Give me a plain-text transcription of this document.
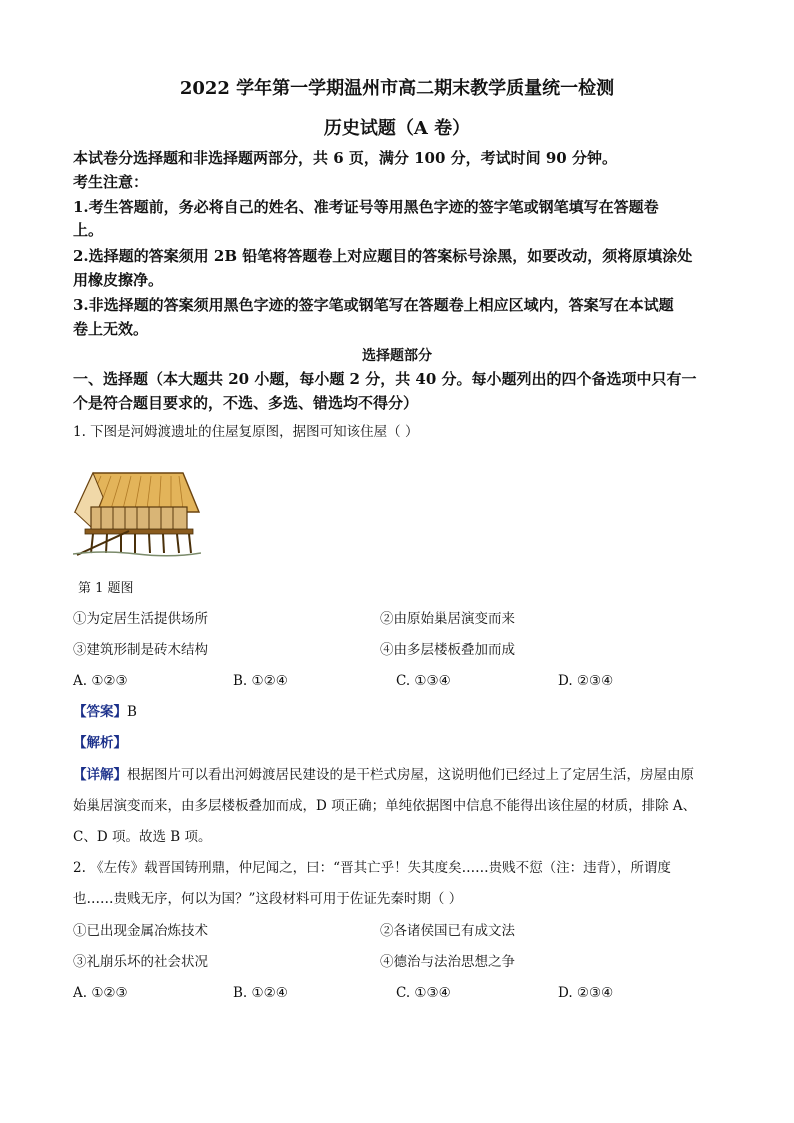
2022 学年第一学期温州市高二期末教学质量统一检测
历史试题（A 卷）
本试卷分选择题和非选择题两部分，共 6 页，满分 100 分，考试时间 90 分钟。
考生注意：
1.考生答题前，务必将自己的姓名、准考证号等用黑色字迹的签字笔或钢笔填写在答题卷
上。
2.选择题的答案须用 2B 铅笔将答题卷上对应题目的答案标号涂黑，如要改动，须将原填涂处
用橡皮擦净。
3.非选择题的答案须用黑色字迹的签字笔或钢笔写在答题卷上相应区域内，答案写在本试题
卷上无效。
选择题部分
一、选择题（本大题共 20 小题，每小题 2 分，共 40 分。每小题列出的四个备选项中只有一
个是符合题目要求的，不选、多选、错选均不得分）
1. 下图是河姆渡遗址的住屋复原图，据图可知该住屋（ ）
第 1 题图
①为定居生活提供场所	②由原始巢居演变而来
③建筑形制是砖木结构	④由多层楼板叠加而成
A. ①②③	B. ①②④	C. ①③④	D. ②③④
【答案】B
【解析】
【详解】根据图片可以看出河姆渡居民建设的是干栏式房屋，这说明他们已经过上了定居生活，房屋由原
始巢居演变而来，由多层楼板叠加而成，D 项正确；单纯依据图中信息不能得出该住屋的材质，排除 A、
C、D 项。故选 B 项。
2. 《左传》载晋国铸刑鼎，仲尼闻之，曰：“晋其亡乎！失其度矣……贵贱不愆（注：违背），所谓度
也……贵贱无序，何以为国？”这段材料可用于佐证先秦时期（ ）
①已出现金属冶炼技术	②各诸侯国已有成文法
③礼崩乐坏的社会状况	④德治与法治思想之争
A. ①②③	B. ①②④	C. ①③④	D. ②③④
